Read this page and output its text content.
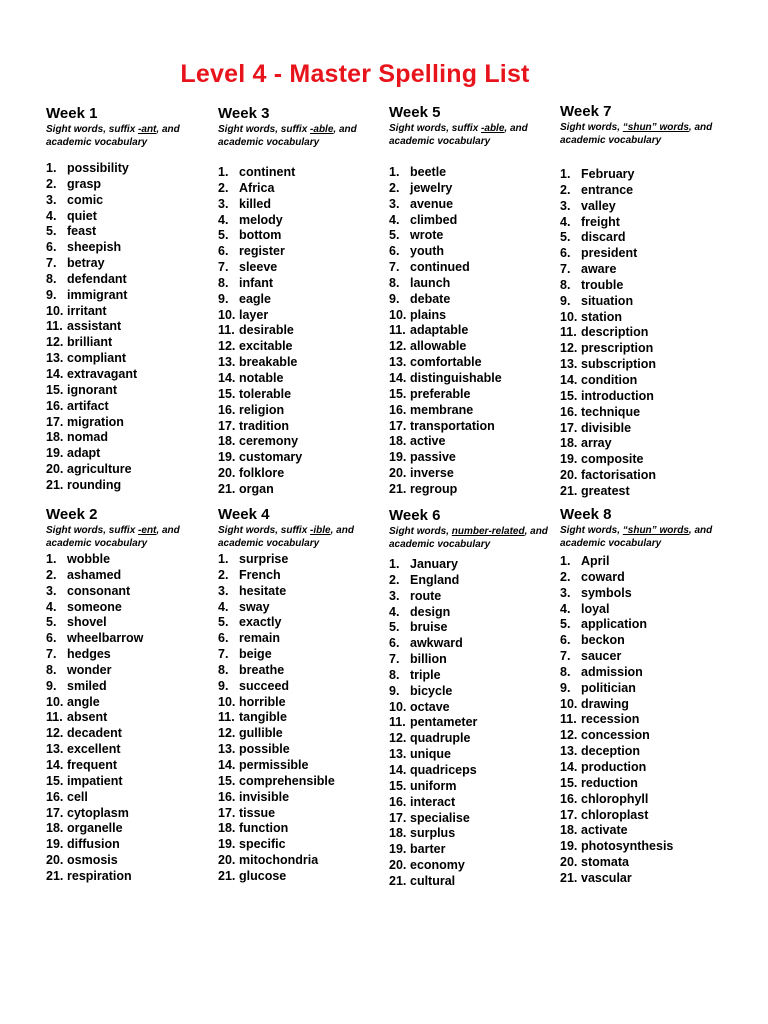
Level 4 - Master Spelling List
Week 1
Sight words, suffix -ant, and academic vocabulary
1. possibility
2. grasp
3. comic
4. quiet
5. feast
6. sheepish
7. betray
8. defendant
9. immigrant
10. irritant
11. assistant
12. brilliant
13. compliant
14. extravagant
15. ignorant
16. artifact
17. migration
18. nomad
19. adapt
20. agriculture
21. rounding
Week 2
Sight words, suffix -ent, and academic vocabulary
1. wobble
2. ashamed
3. consonant
4. someone
5. shovel
6. wheelbarrow
7. hedges
8. wonder
9. smiled
10. angle
11. absent
12. decadent
13. excellent
14. frequent
15. impatient
16. cell
17. cytoplasm
18. organelle
19. diffusion
20. osmosis
21. respiration
Week 3
Sight words, suffix -able, and academic vocabulary
1. continent
2. Africa
3. killed
4. melody
5. bottom
6. register
7. sleeve
8. infant
9. eagle
10. layer
11. desirable
12. excitable
13. breakable
14. notable
15. tolerable
16. religion
17. tradition
18. ceremony
19. customary
20. folklore
21. organ
Week 4
Sight words, suffix -ible, and academic vocabulary
1. surprise
2. French
3. hesitate
4. sway
5. exactly
6. remain
7. beige
8. breathe
9. succeed
10. horrible
11. tangible
12. gullible
13. possible
14. permissible
15. comprehensible
16. invisible
17. tissue
18. function
19. specific
20. mitochondria
21. glucose
Week 5
Sight words, suffix -able, and academic vocabulary
1. beetle
2. jewelry
3. avenue
4. climbed
5. wrote
6. youth
7. continued
8. launch
9. debate
10. plains
11. adaptable
12. allowable
13. comfortable
14. distinguishable
15. preferable
16. membrane
17. transportation
18. active
19. passive
20. inverse
21. regroup
Week 6
Sight words, number-related, and academic vocabulary
1. January
2. England
3. route
4. design
5. bruise
6. awkward
7. billion
8. triple
9. bicycle
10. octave
11. pentameter
12. quadruple
13. unique
14. quadriceps
15. uniform
16. interact
17. specialise
18. surplus
19. barter
20. economy
21. cultural
Week 7
Sight words, “shun” words, and academic vocabulary
1. February
2. entrance
3. valley
4. freight
5. discard
6. president
7. aware
8. trouble
9. situation
10. station
11. description
12. prescription
13. subscription
14. condition
15. introduction
16. technique
17. divisible
18. array
19. composite
20. factorisation
21. greatest
Week 8
Sight words, “shun” words, and academic vocabulary
1. April
2. coward
3. symbols
4. loyal
5. application
6. beckon
7. saucer
8. admission
9. politician
10. drawing
11. recession
12. concession
13. deception
14. production
15. reduction
16. chlorophyll
17. chloroplast
18. activate
19. photosynthesis
20. stomata
21. vascular
